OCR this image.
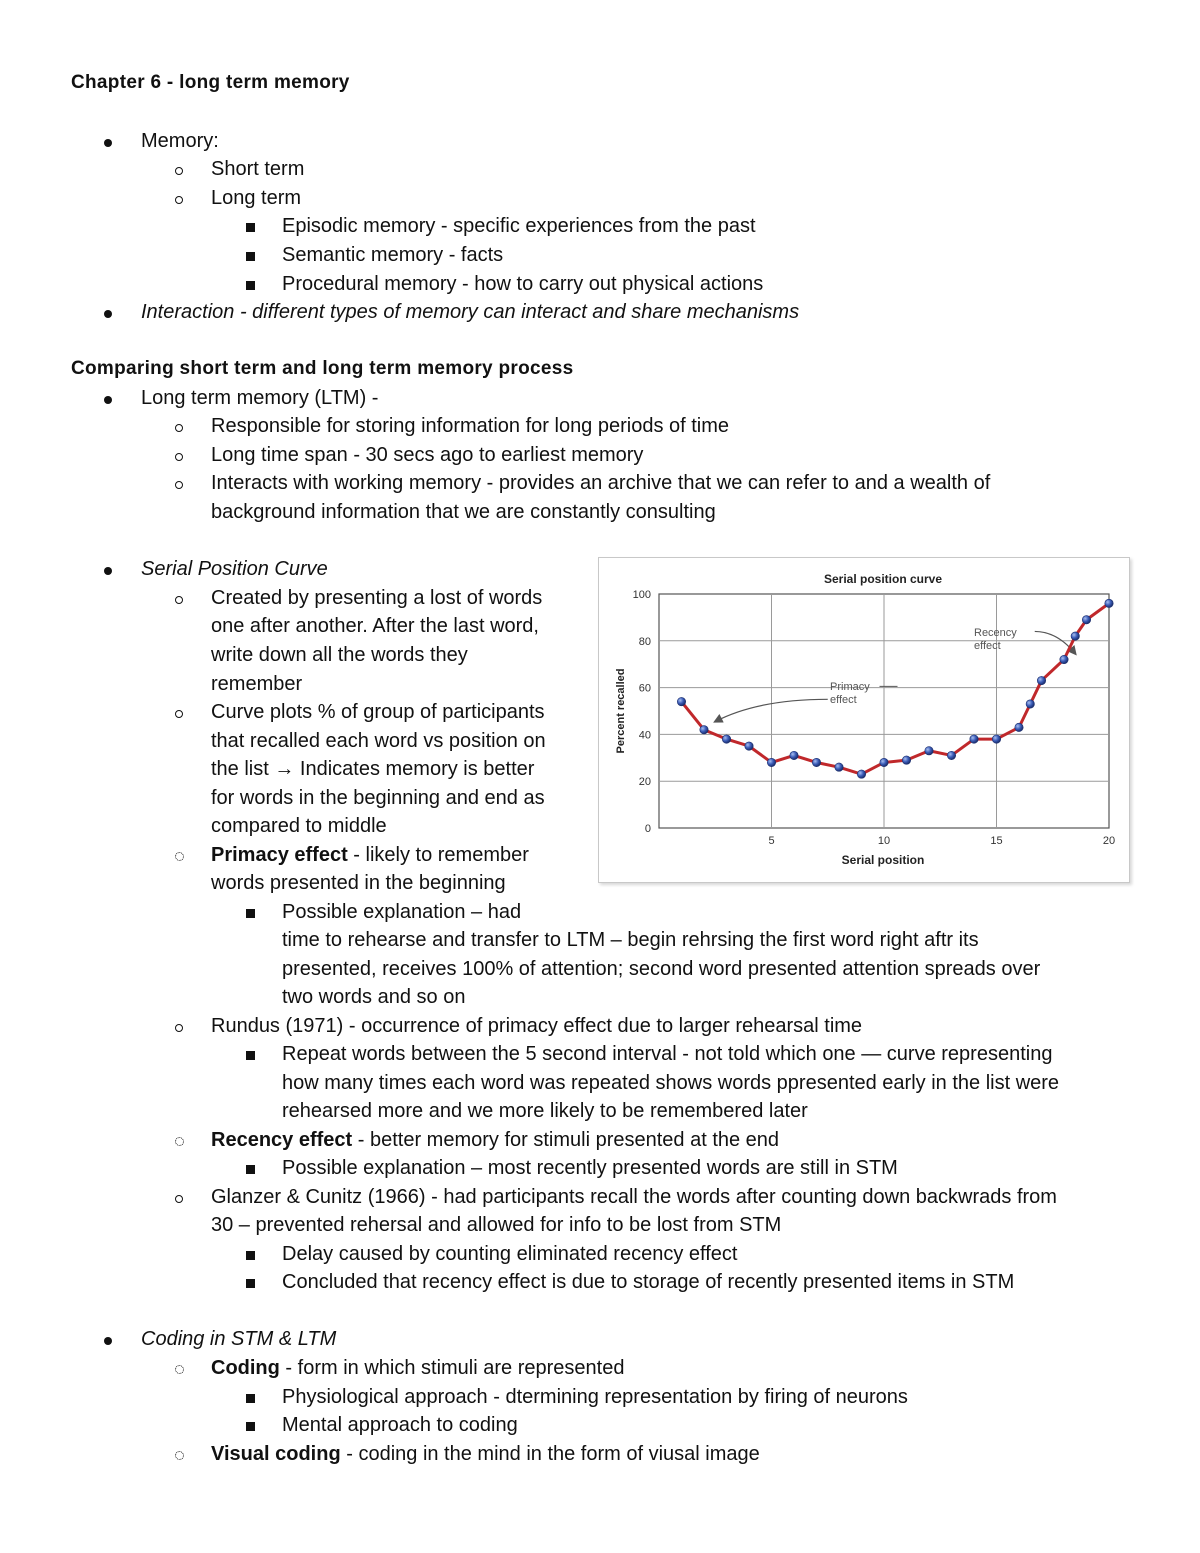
Chapter 6 - long term memory
Memory:
Short term
Long term
Episodic memory - specific experiences from the past
Semantic memory - facts
Procedural memory - how to carry out physical actions
Interaction - different types of memory can interact and share mechanisms
Comparing short term and long term memory process
Long term memory (LTM) -
Responsible for storing information for long periods of time
Long time span - 30 secs ago to earliest memory
Interacts with working memory - provides an archive that we can refer to and a wealth of
background information that we are constantly consulting
Serial Position Curve
Created by presenting a lost of words
one after another. After the last word,
write down all the words they
remember
Curve plots % of group of participants
that recalled each word vs position on
the list → Indicates memory is better
for words in the beginning and end as
compared to middle
Primacy effect - likely to remember
words presented in the beginning
Possible explanation – had
time to rehearse and transfer to LTM – begin rehrsing the first word right aftr its
presented, receives 100% of attention; second word presented attention spreads over
two words and so on
Rundus (1971) - occurrence of primacy effect due to larger rehearsal time
Repeat words between the 5 second interval - not told which one — curve representing
how many times each word was repeated shows words ppresented early in the list were
rehearsed more and we more likely to be remembered later
Recency effect - better memory for stimuli presented at the end
Possible explanation – most recently presented words are still in STM
Glanzer & Cunitz (1966) - had participants recall the words after counting down backwrads from
30 – prevented rehersal and allowed for info to be lost from STM
Delay caused by counting eliminated recency effect
Concluded that recency effect is due to storage of recently presented items in STM
Coding in STM & LTM
Coding - form in which stimuli are represented
Physiological approach - dtermining representation by firing of neurons
Mental approach to coding
Visual coding - coding in the mind in the form of viusal image
Serial position curve
0
20
40
60
80
100
5	10	15	20
Primacy
effect
Recency
effect
Serial position
Percent recalled
